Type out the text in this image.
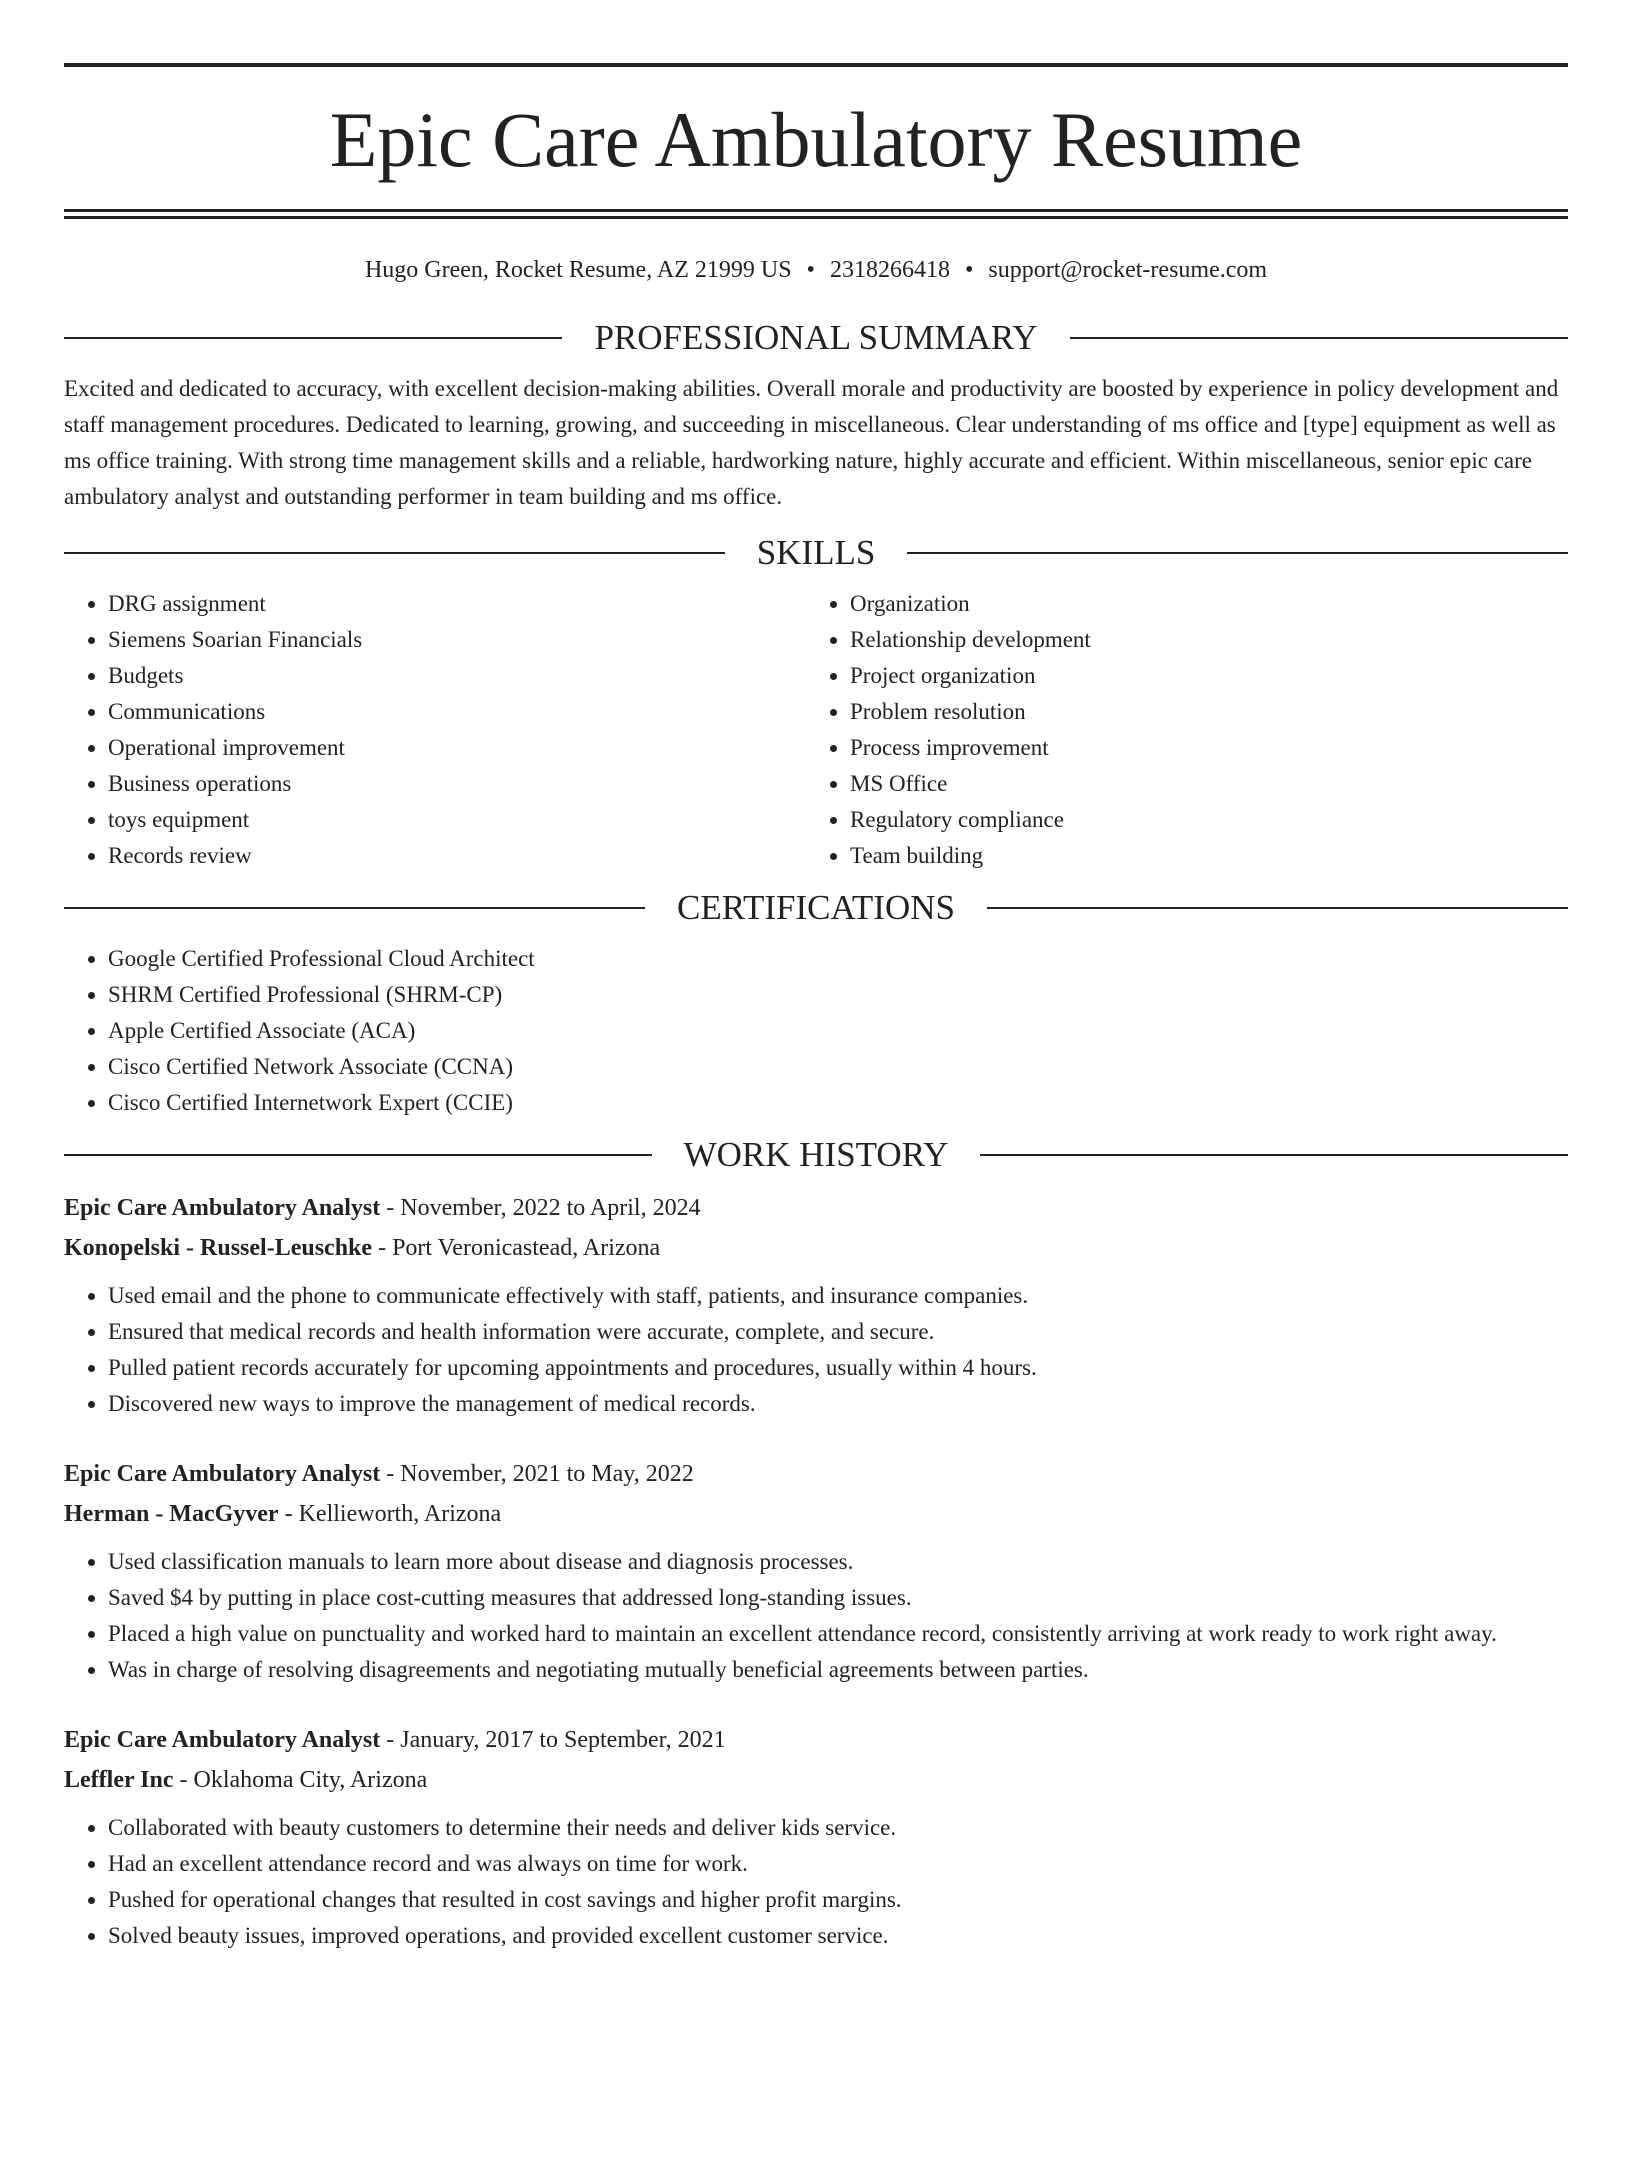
Epic Care Ambulatory Resume
Hugo Green, Rocket Resume, AZ 21999 US • 2318266418 • support@rocket-resume.com
PROFESSIONAL SUMMARY

Excited and dedicated to accuracy, with excellent decision-making abilities. Overall morale and productivity are boosted by experience in policy development and staff management procedures. Dedicated to learning, growing, and succeeding in miscellaneous. Clear understanding of ms office and [type] equipment as well as ms office training. With strong time management skills and a reliable, hardworking nature, highly accurate and efficient. Within miscellaneous, senior epic care ambulatory analyst and outstanding performer in team building and ms office.

SKILLS
• DRG assignment
• Siemens Soarian Financials
• Budgets
• Communications
• Operational improvement
• Business operations
• toys equipment
• Records review
• Organization
• Relationship development
• Project organization
• Problem resolution
• Process improvement
• MS Office
• Regulatory compliance
• Team building
CERTIFICATIONS
• Google Certified Professional Cloud Architect
• SHRM Certified Professional (SHRM-CP)
• Apple Certified Associate (ACA)
• Cisco Certified Network Associate (CCNA)
• Cisco Certified Internetwork Expert (CCIE)
WORK HISTORY
Epic Care Ambulatory Analyst - November, 2022 to April, 2024
Konopelski - Russel-Leuschke - Port Veronicastead, Arizona
• Used email and the phone to communicate effectively with staff, patients, and insurance companies.
• Ensured that medical records and health information were accurate, complete, and secure.
• Pulled patient records accurately for upcoming appointments and procedures, usually within 4 hours.
• Discovered new ways to improve the management of medical records.
Epic Care Ambulatory Analyst - November, 2021 to May, 2022
Herman - MacGyver - Kellieworth, Arizona
• Used classification manuals to learn more about disease and diagnosis processes.
• Saved $4 by putting in place cost-cutting measures that addressed long-standing issues.
• Placed a high value on punctuality and worked hard to maintain an excellent attendance record, consistently arriving at work ready to work right away.
• Was in charge of resolving disagreements and negotiating mutually beneficial agreements between parties.
Epic Care Ambulatory Analyst - January, 2017 to September, 2021
Leffler Inc - Oklahoma City, Arizona
• Collaborated with beauty customers to determine their needs and deliver kids service.
• Had an excellent attendance record and was always on time for work.
• Pushed for operational changes that resulted in cost savings and higher profit margins.
• Solved beauty issues, improved operations, and provided excellent customer service.
